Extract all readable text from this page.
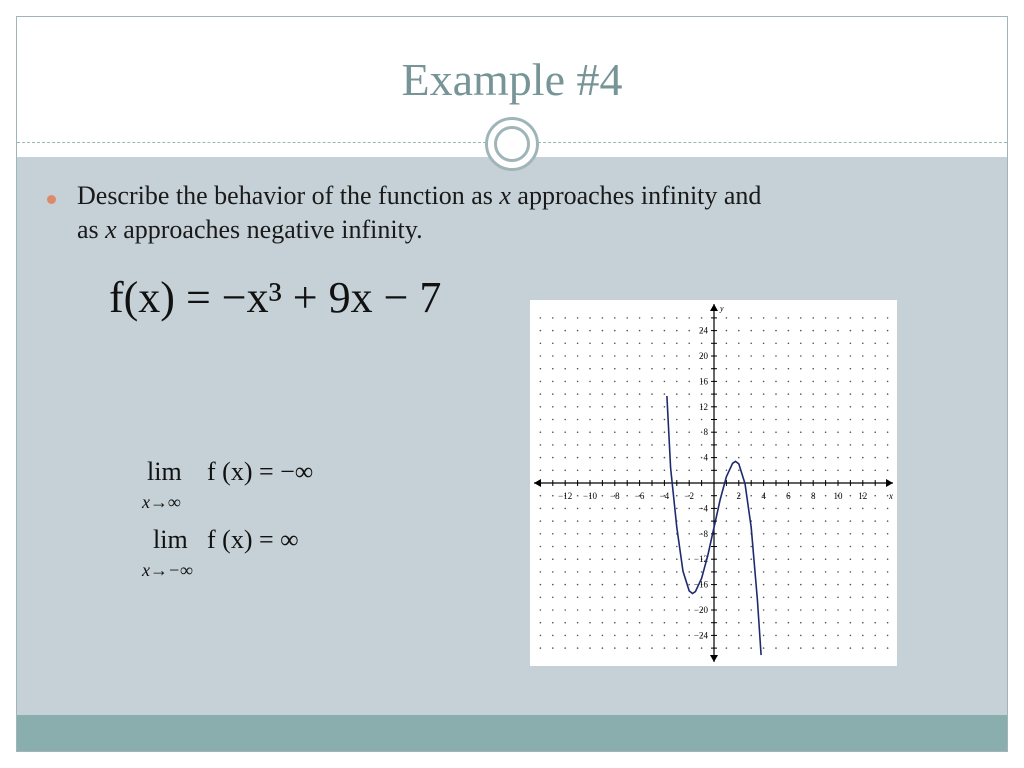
Example #4
Describe the behavior of the function as x approaches infinity and as x approaches negative infinity.
f(x) = −x³ + 9x − 7
lim
x→∞
f (x) = −∞
lim
x→−∞
f (x) = ∞
y
x
−12 −10 −8 −6 −4 −2	2 4 6 8 10 12
24
20
16
12
8
4
−4
−8
−12
−16
−20
−24
